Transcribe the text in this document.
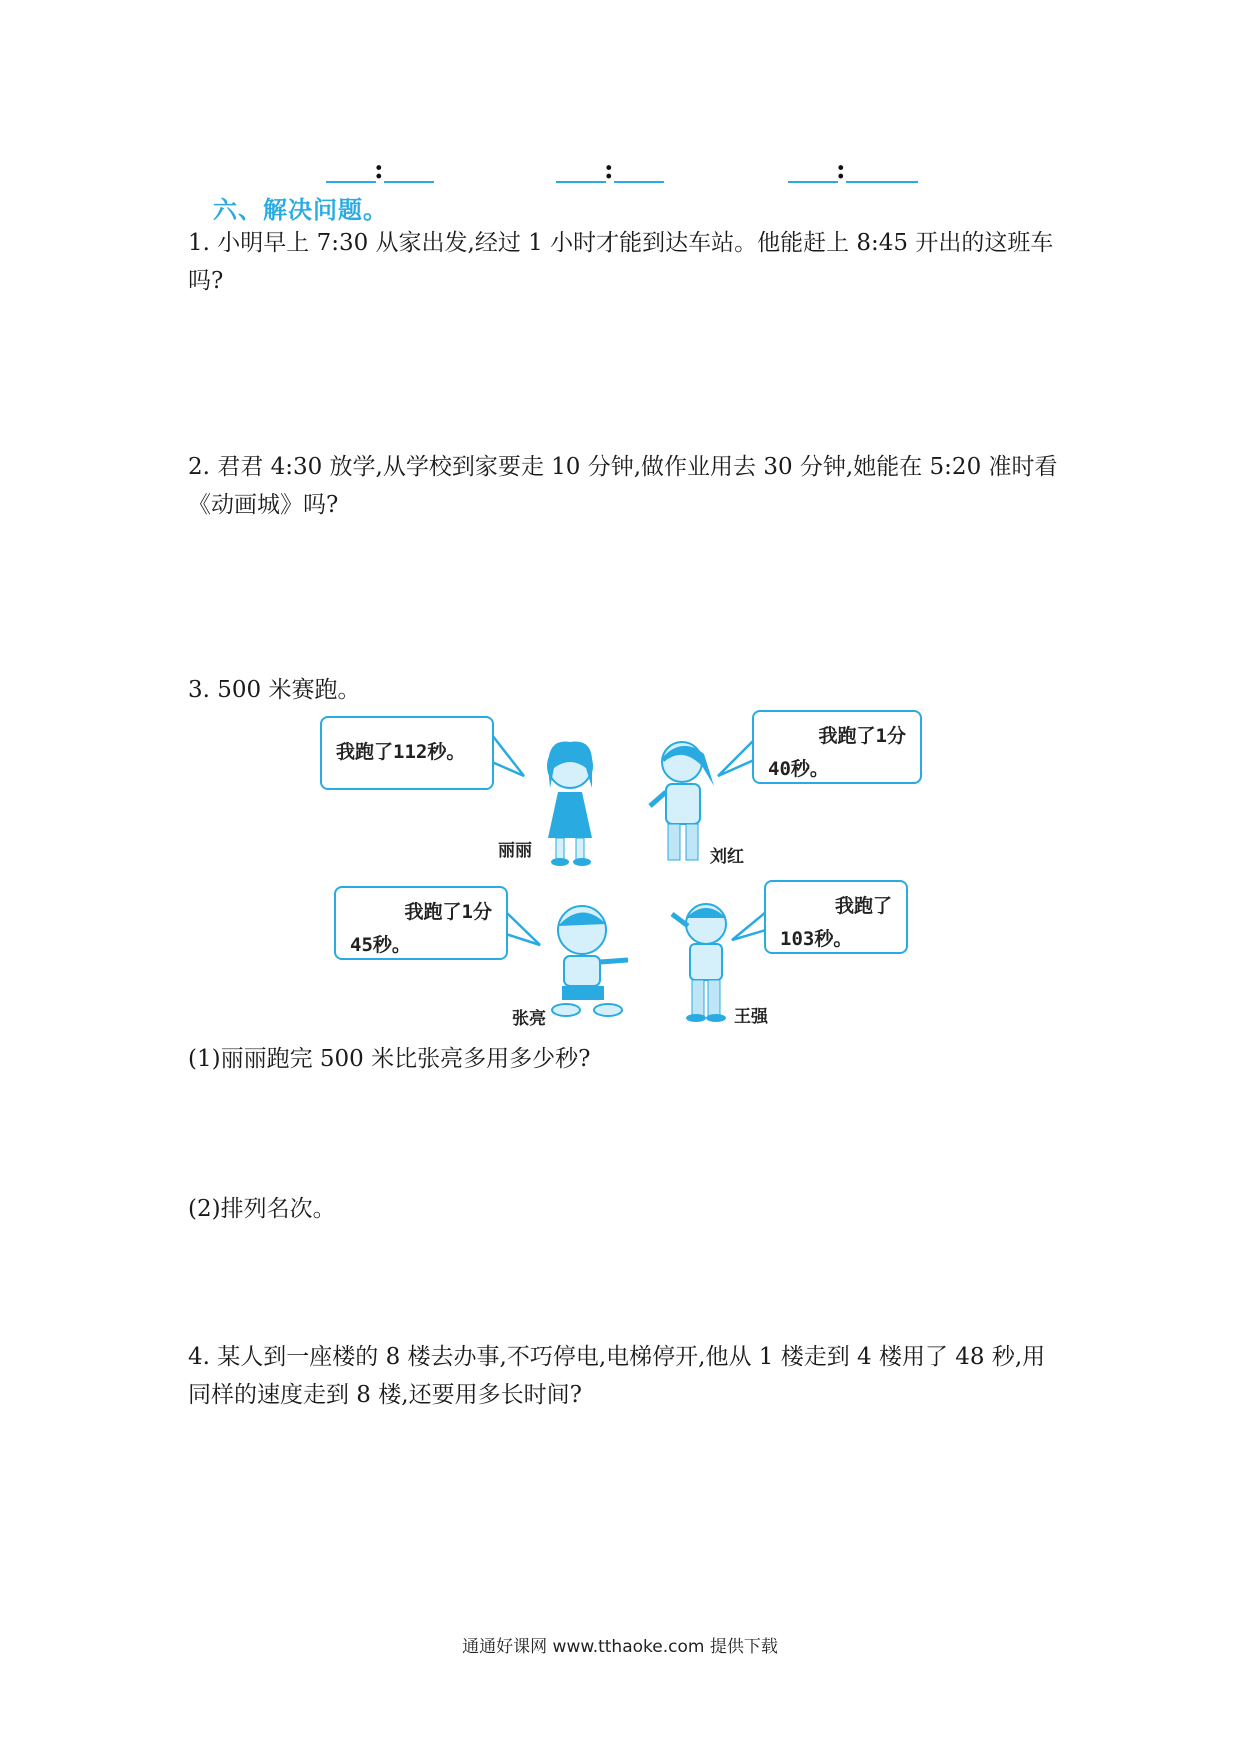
:	:	:
六、解决问题。
1. 小明早上 7:30 从家出发,经过 1 小时才能到达车站。他能赶上 8:45 开出的这班车吗?
2. 君君 4:30 放学,从学校到家要走 10 分钟,做作业用去 30 分钟,她能在 5:20 准时看《动画城》吗?
3. 500 米赛跑。
我跑了112秒。
我跑了1分
40秒。
我跑了1分
45秒。
我跑了
103秒。
丽丽	刘红
张亮	王强
(1)丽丽跑完 500 米比张亮多用多少秒?
(2)排列名次。
4. 某人到一座楼的 8 楼去办事,不巧停电,电梯停开,他从 1 楼走到 4 楼用了 48 秒,用同样的速度走到 8 楼,还要用多长时间?
通通好课网 www.tthaoke.com 提供下载
